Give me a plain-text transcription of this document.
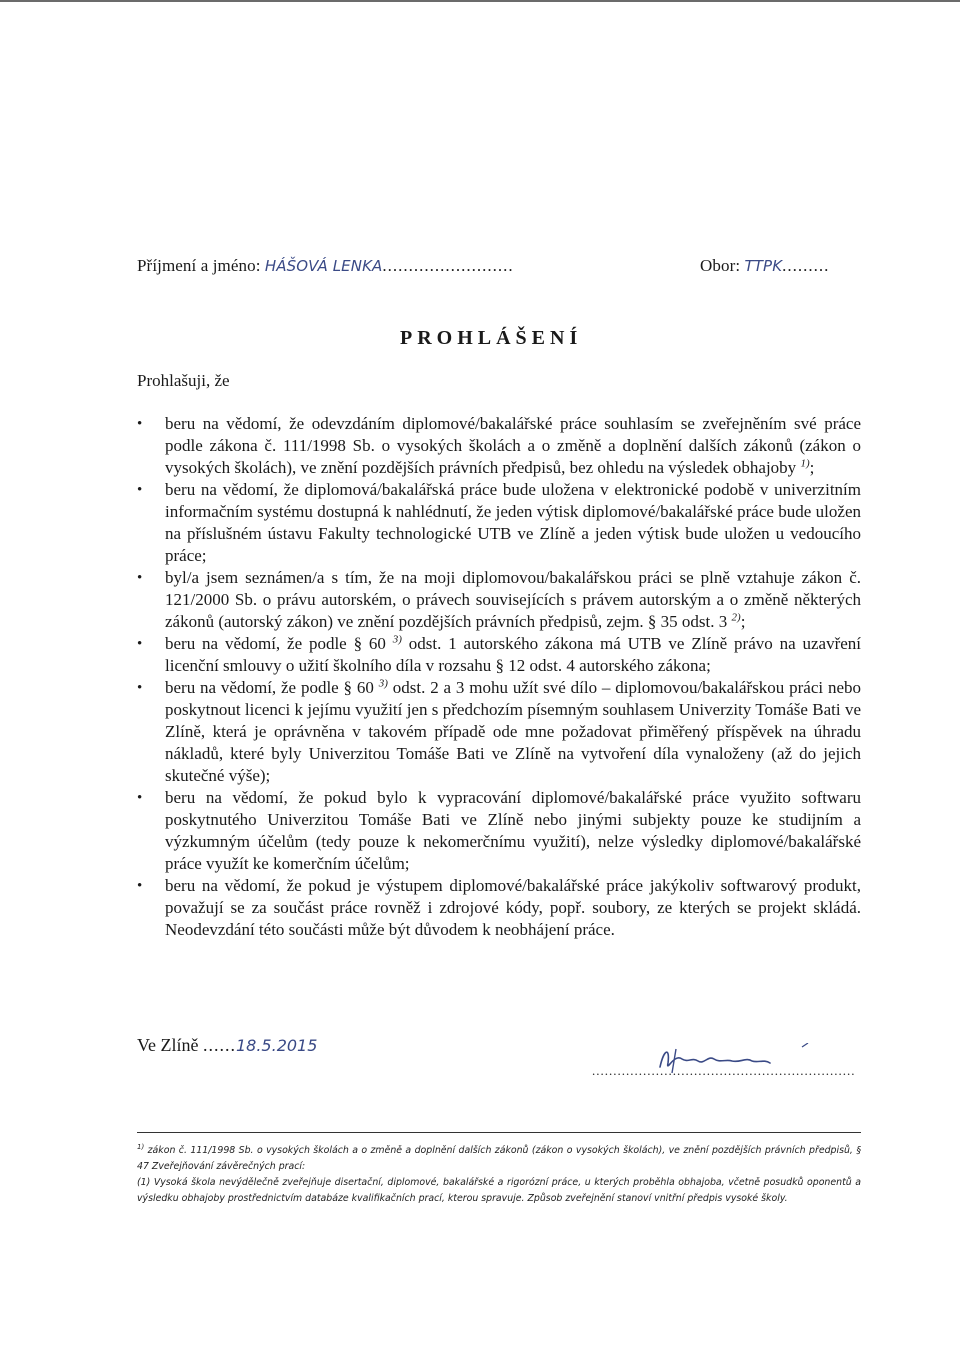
Příjmení a jméno: HÁŠOVÁ LENKA.........................	Obor: TTPK.........
PROHLÁŠENÍ
Prohlašuji, že
• beru na vědomí, že odevzdáním diplomové/bakalářské práce souhlasím se zveřejněním své práce podle zákona č. 111/1998 Sb. o vysokých školách a o změně a doplnění dalších zákonů (zákon o vysokých školách), ve znění pozdějších právních předpisů, bez ohledu na výsledek obhajoby $^{1)}$;
• beru na vědomí, že diplomová/bakalářská práce bude uložena v elektronické podobě v univerzitním informačním systému dostupná k nahlédnutí, že jeden výtisk diplomové/bakalářské práce bude uložen na příslušném ústavu Fakulty technologické UTB ve Zlíně a jeden výtisk bude uložen u vedoucího práce;
• byl/a jsem seznámen/a s tím, že na moji diplomovou/bakalářskou práci se plně vztahuje zákon č. 121/2000 Sb. o právu autorském, o právech souvisejících s právem autorským a o změně některých zákonů (autorský zákon) ve znění pozdějších právních předpisů, zejm. § 35 odst. 3 $^{2)}$;
• beru na vědomí, že podle § 60 $^{3)}$ odst. 1 autorského zákona má UTB ve Zlíně právo na uzavření licenční smlouvy o užití školního díla v rozsahu § 12 odst. 4 autorského zákona;
• beru na vědomí, že podle § 60 $^{3)}$ odst. 2 a 3 mohu užít své dílo – diplomovou/bakalářskou práci nebo poskytnout licenci k jejímu využití jen s předchozím písemným souhlasem Univerzity Tomáše Bati ve Zlíně, která je oprávněna v takovém případě ode mne požadovat přiměřený příspěvek na úhradu nákladů, které byly Univerzitou Tomáše Bati ve Zlíně na vytvoření díla vynaloženy (až do jejich skutečné výše);
• beru na vědomí, že pokud bylo k vypracování diplomové/bakalářské práce využito softwaru poskytnutého Univerzitou Tomáše Bati ve Zlíně nebo jinými subjekty pouze ke studijním a výzkumným účelům (tedy pouze k nekomerčnímu využití), nelze výsledky diplomové/bakalářské práce využít ke komerčním účelům;
• beru na vědomí, že pokud je výstupem diplomové/bakalářské práce jakýkoliv softwarový produkt, považují se za součást práce rovněž i zdrojové kódy, popř. soubory, ze kterých se projekt skládá. Neodevzdání této součásti může být důvodem k neobhájení práce.
Ve Zlíně ......18.5.2015
..............................................................

$^{1)}$ zákon č. 111/1998 Sb. o vysokých školách a o změně a doplnění dalších zákonů (zákon o vysokých školách), ve znění pozdějších právních předpisů, § 47 Zveřejňování závěrečných prací:

(1) Vysoká škola nevýdělečně zveřejňuje disertační, diplomové, bakalářské a rigorózní práce, u kterých proběhla obhajoba, včetně posudků oponentů a výsledku obhajoby prostřednictvím databáze kvalifikačních prací, kterou spravuje. Způsob zveřejnění stanoví vnitřní předpis vysoké školy.
